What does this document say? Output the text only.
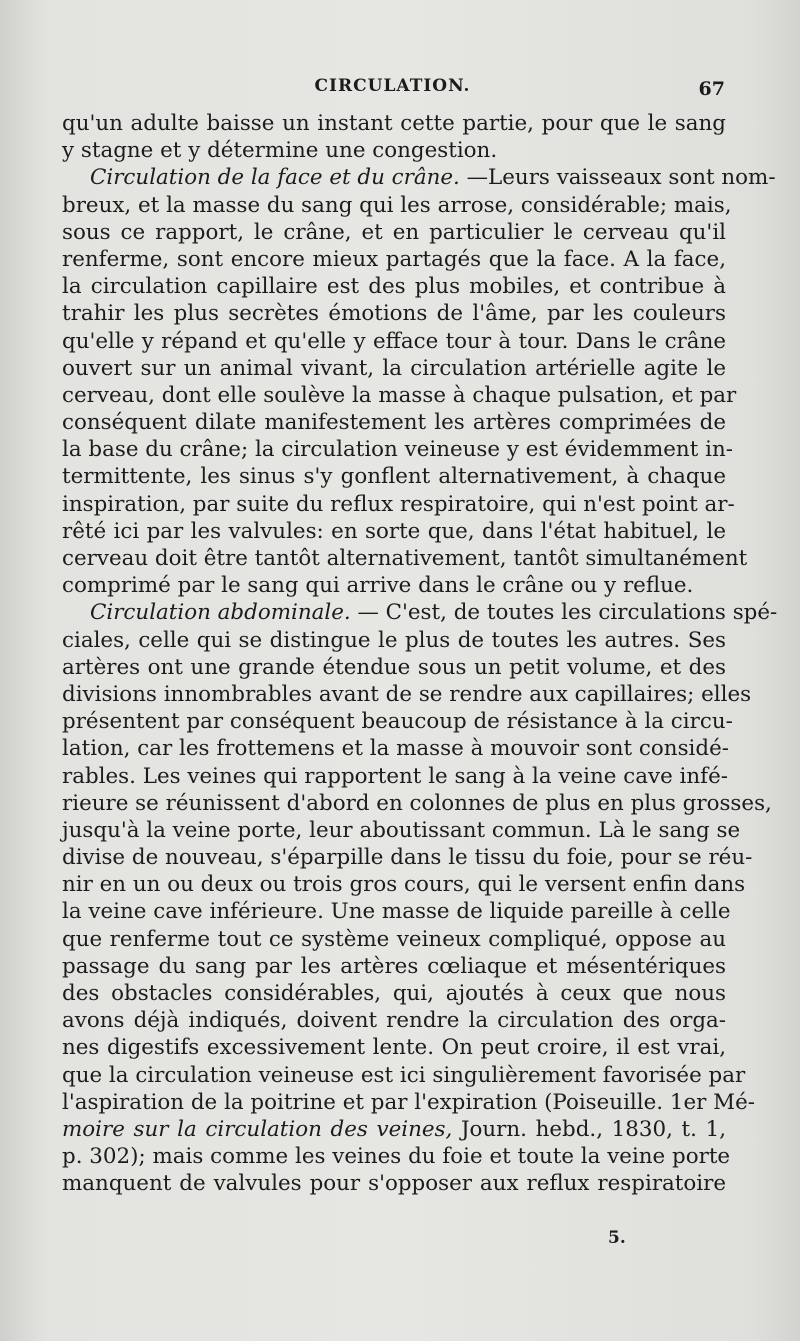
CIRCULATION.	67
qu'un adulte baisse un instant cette partie, pour que le sang
y stagne et y détermine une congestion.
Circulation de la face et du crâne. —Leurs vaisseaux sont nom-
breux, et la masse du sang qui les arrose, considérable; mais,
sous ce rapport, le crâne, et en particulier le cerveau qu'il
renferme, sont encore mieux partagés que la face. A la face,
la circulation capillaire est des plus mobiles, et contribue à
trahir les plus secrètes émotions de l'âme, par les couleurs
qu'elle y répand et qu'elle y efface tour à tour. Dans le crâne
ouvert sur un animal vivant, la circulation artérielle agite le
cerveau, dont elle soulève la masse à chaque pulsation, et par
conséquent dilate manifestement les artères comprimées de
la base du crâne; la circulation veineuse y est évidemment in-
termittente, les sinus s'y gonflent alternativement, à chaque
inspiration, par suite du reflux respiratoire, qui n'est point ar-
rêté ici par les valvules: en sorte que, dans l'état habituel, le
cerveau doit être tantôt alternativement, tantôt simultanément
comprimé par le sang qui arrive dans le crâne ou y reflue.
Circulation abdominale. — C'est, de toutes les circulations spé-
ciales, celle qui se distingue le plus de toutes les autres. Ses
artères ont une grande étendue sous un petit volume, et des
divisions innombrables avant de se rendre aux capillaires; elles
présentent par conséquent beaucoup de résistance à la circu-
lation, car les frottemens et la masse à mouvoir sont considé-
rables. Les veines qui rapportent le sang à la veine cave infé-
rieure se réunissent d'abord en colonnes de plus en plus grosses,
jusqu'à la veine porte, leur aboutissant commun. Là le sang se
divise de nouveau, s'éparpille dans le tissu du foie, pour se réu-
nir en un ou deux ou trois gros cours, qui le versent enfin dans
la veine cave inférieure. Une masse de liquide pareille à celle
que renferme tout ce système veineux compliqué, oppose au
passage du sang par les artères cœliaque et mésentériques
des obstacles considérables, qui, ajoutés à ceux que nous
avons déjà indiqués, doivent rendre la circulation des orga-
nes digestifs excessivement lente. On peut croire, il est vrai,
que la circulation veineuse est ici singulièrement favorisée par
l'aspiration de la poitrine et par l'expiration (Poiseuille. 1er Mé-
moire sur la circulation des veines, Journ. hebd., 1830, t. 1,
p. 302); mais comme les veines du foie et toute la veine porte
manquent de valvules pour s'opposer aux reflux respiratoire
5.
